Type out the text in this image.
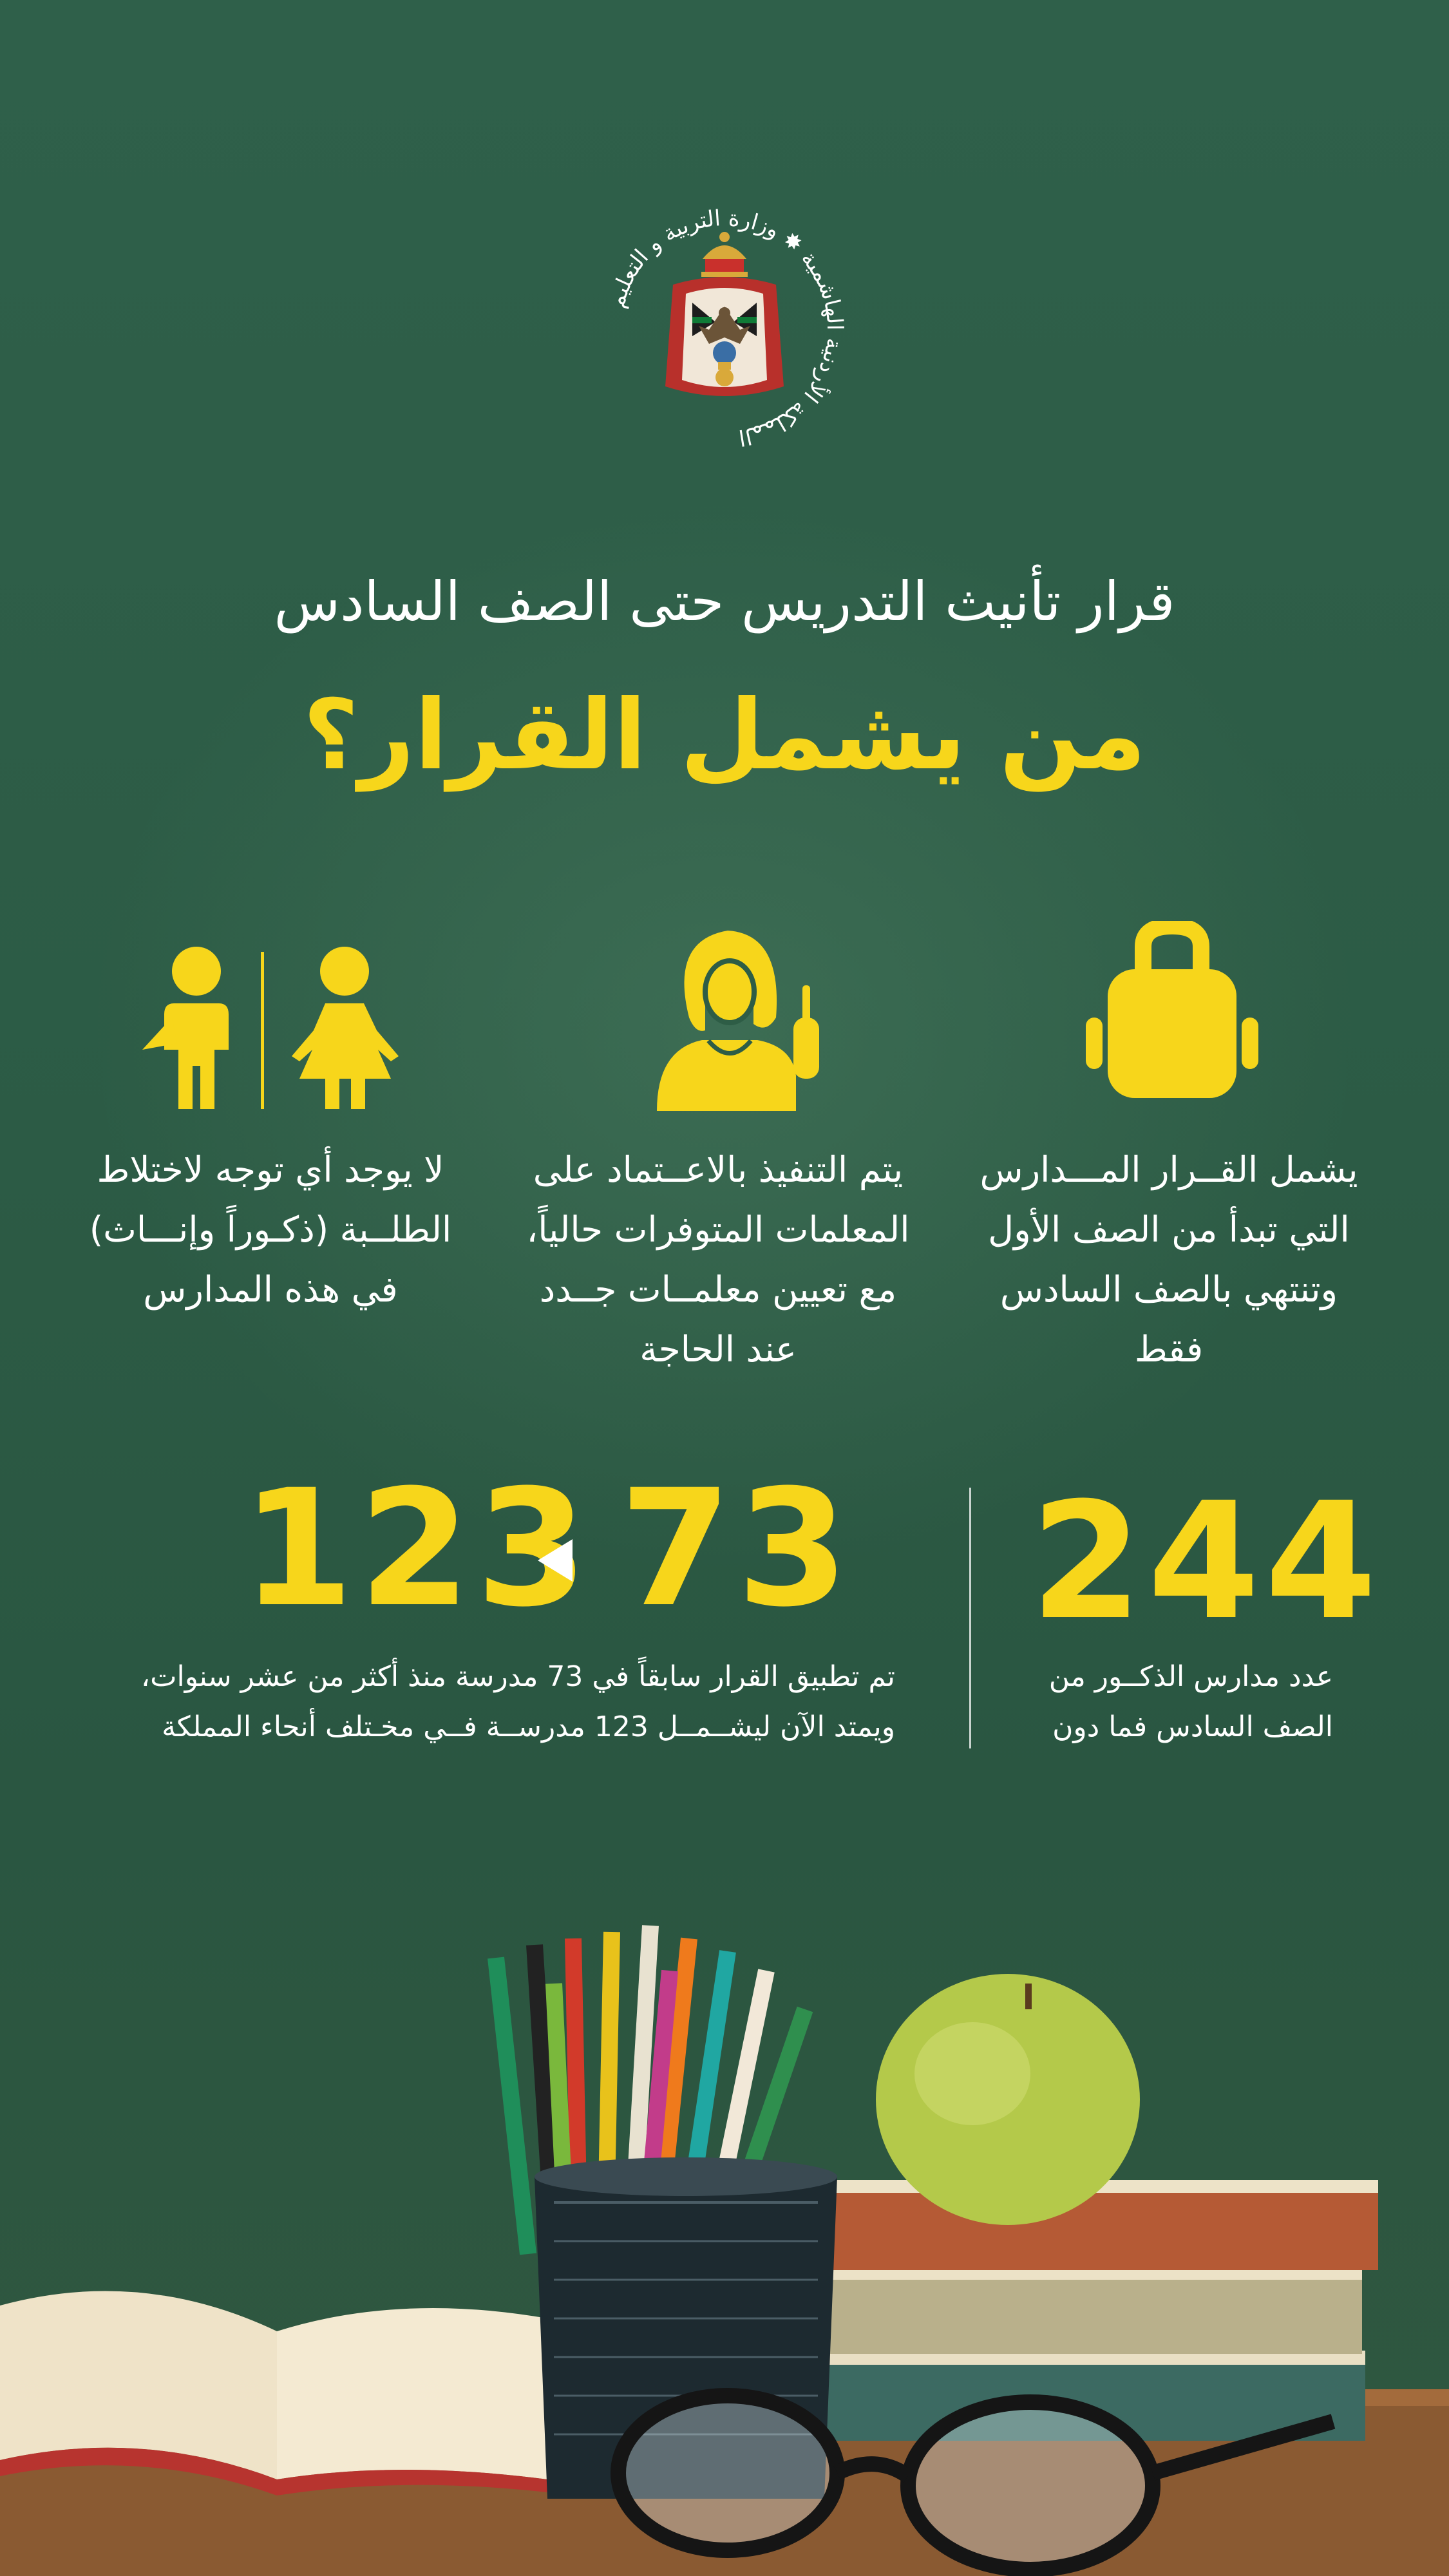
المملكة الأردنية الهاشمية ✸ وزارة التربية و التعليم
قرار تأنيث التدريس حتى الصف السادس
من يشمل القرار؟
يشمل القــرار المـــدارس
التي تبدأ من الصف الأول
وتنتهي بالصف السادس
فقط
يتم التنفيذ بالاعــتماد على
المعلمات المتوفرات حالياً،
مع تعيين معلمــات جــدد
عند الحاجة
لا يوجد أي توجه لاختلاط
الطلــبة (ذكـوراً وإنـــاث)
في هذه المدارس
123 73 244
تم تطبيق القرار سابقاً في 73 مدرسة منذ أكثر من عشر سنوات،
ويمتد الآن ليشــمــل 123 مدرســة فــي مخـتلف أنحاء المملكة
عدد مدارس الذكــور من
الصف السادس فما دون
